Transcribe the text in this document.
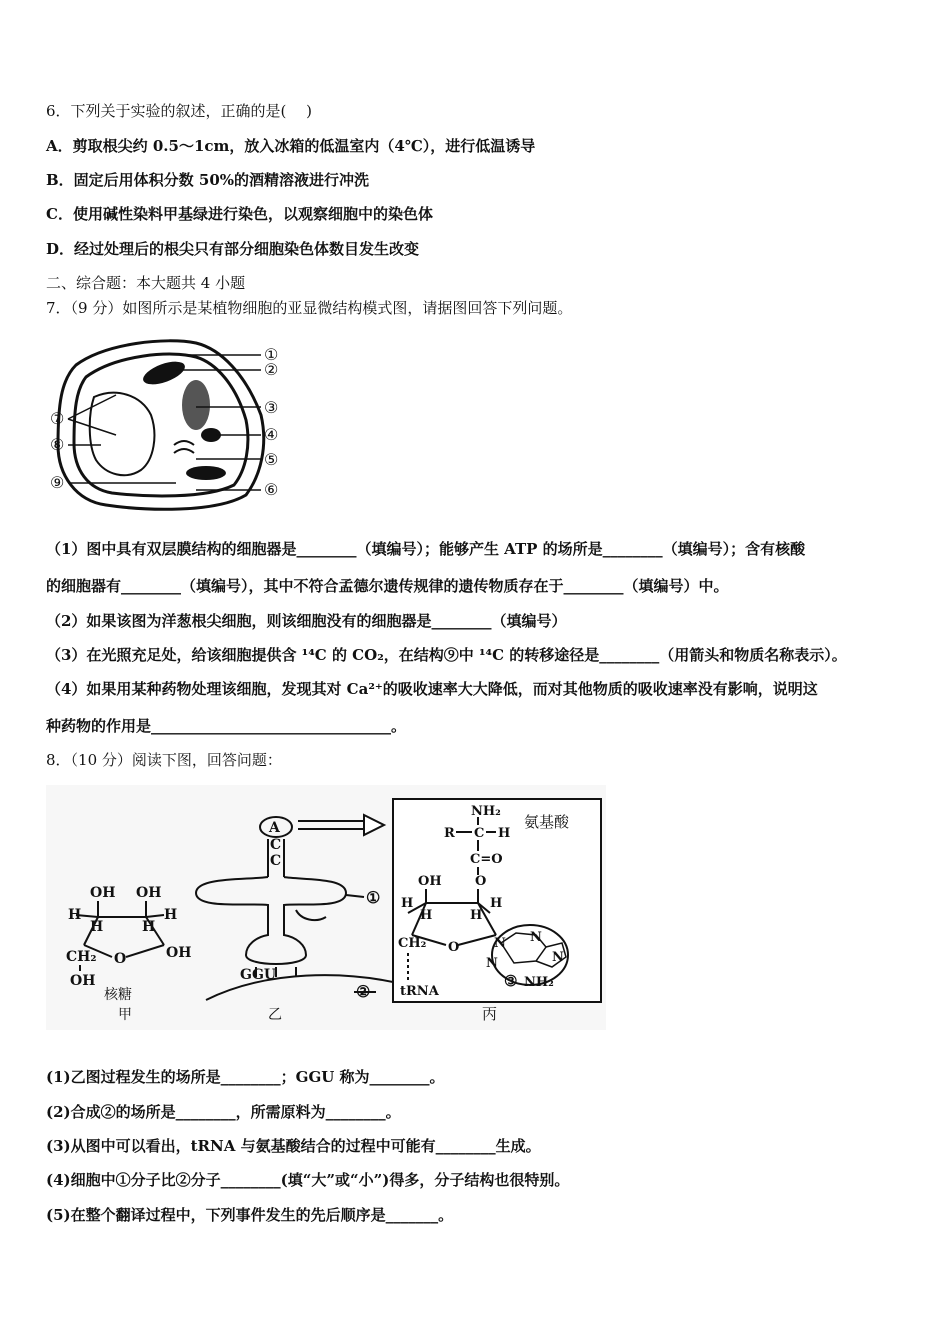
6．下列关于实验的叙述，正确的是(　 )
A．剪取根尖约 0.5～1cm，放入冰箱的低温室内（4℃），进行低温诱导
B．固定后用体积分数 50%的酒精溶液进行冲洗
C．使用碱性染料甲基绿进行染色，以观察细胞中的染色体
D．经过处理后的根尖只有部分细胞染色体数目发生改变
二、综合题：本大题共 4 小题
7．（9 分）如图所示是某植物细胞的亚显微结构模式图，请据图回答下列问题。
①
②
③
④
⑤
⑥
⑦
⑧
⑨
（1）图中具有双层膜结构的细胞器是________（填编号）；能够产生 ATP 的场所是________（填编号）；含有核酸
的细胞器有________（填编号），其中不符合孟德尔遗传规律的遗传物质存在于________（填编号）中。
（2）如果该图为洋葱根尖细胞，则该细胞没有的细胞器是________（填编号）
（3）在光照充足处，给该细胞提供含 ¹⁴C 的 CO₂，在结构⑨中 ¹⁴C 的转移途径是________（用箭头和物质名称表示）。
（4）如果用某种药物处理该细胞，发现其对 Ca²⁺的吸收速率大大降低，而对其他物质的吸收速率没有影响，说明这
种药物的作用是________________________________。
8．（10 分）阅读下图，回答问题：
OH OH
H
H	H
H
OH
CH₂ O
OH
核糖
甲
A
C
C
①
GGU
②
乙
NH₂
氨基酸
R C H
C=O
O
OH
H
H	H
H
CH₂ O	N N
N	N
③ NH₂
tRNA
丙
(1)乙图过程发生的场所是________；GGU 称为________。
(2)合成②的场所是________，所需原料为________。
(3)从图中可以看出，tRNA 与氨基酸结合的过程中可能有________生成。
(4)细胞中①分子比②分子________(填“大”或“小”)得多，分子结构也很特别。
(5)在整个翻译过程中，下列事件发生的先后顺序是_______。
